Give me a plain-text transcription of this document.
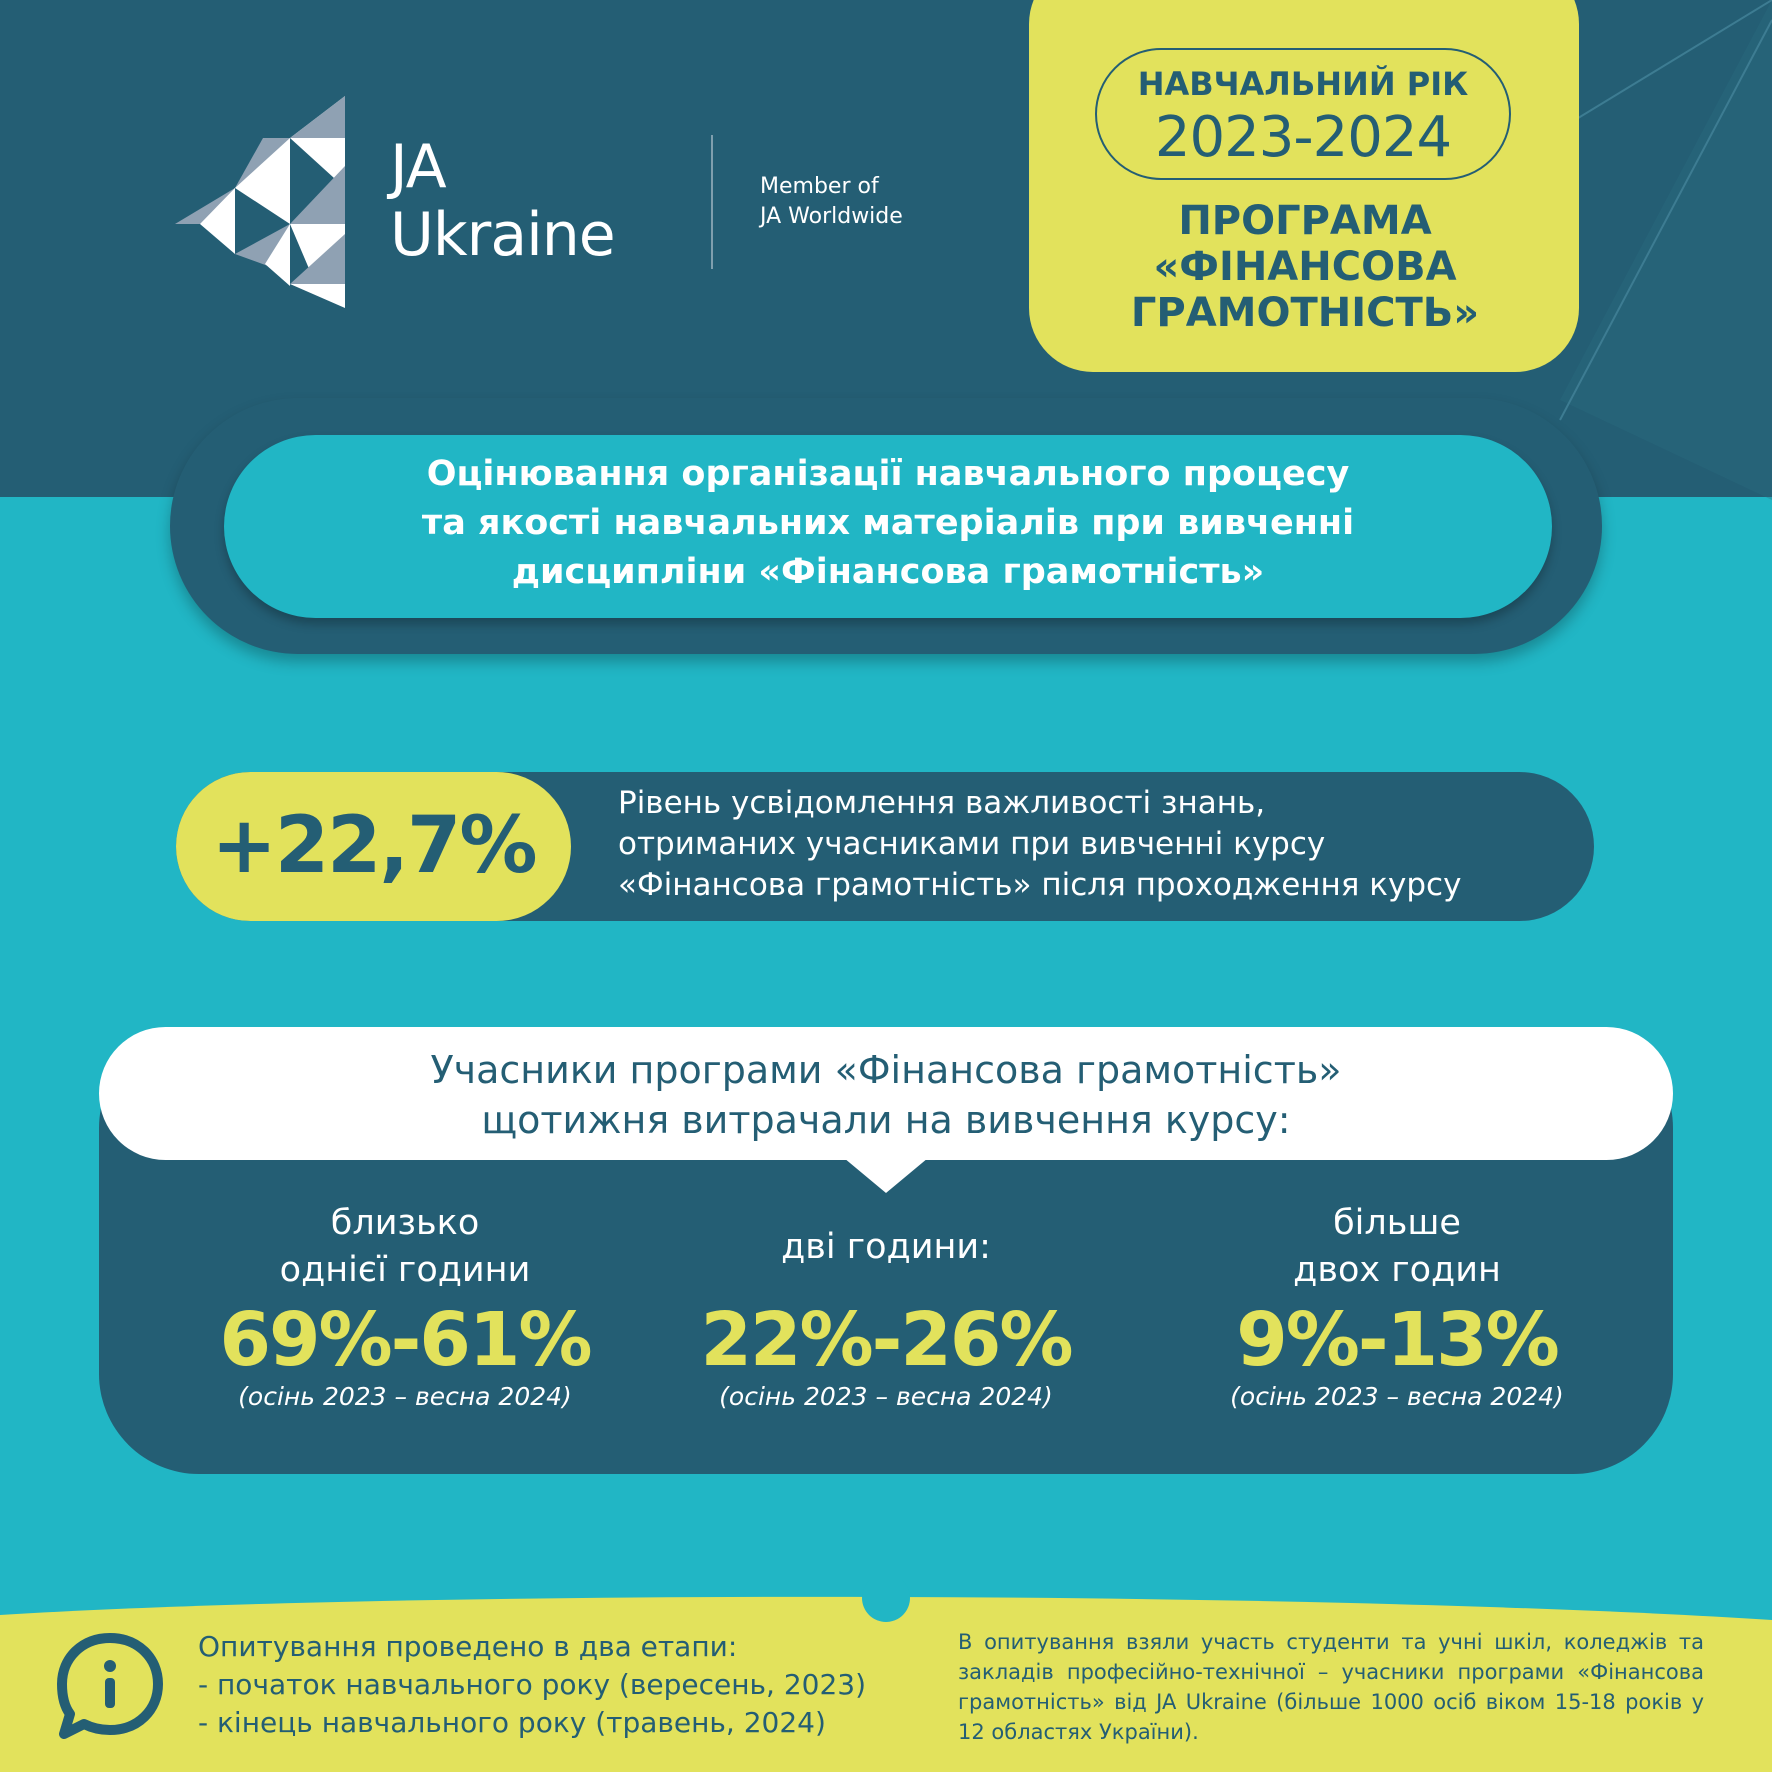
JA
Ukraine
Member of
JA Worldwide
НАВЧАЛЬНИЙ РІК
2023-2024
ПРОГРАМА
«ФІНАНСОВА
ГРАМОТНІСТЬ»
Оцінювання організації навчального процесу
та якості навчальних матеріалів при вивченні
дисципліни «Фінансова грамотність»
+22,7%	Рівень усвідомлення важливості знань,
отриманих учасниками при вивченні курсу
«Фінансова грамотність» після проходження курсу
Учасники програми «Фінансова грамотність»
щотижня витрачали на вивчення курсу:
близько
однієї години
69%-61%
(осінь 2023 – весна 2024)
дві години:
22%-26%
(осінь 2023 – весна 2024)
більше
двох годин
9%-13%
(осінь 2023 – весна 2024)
Опитування проведено в два етапи:
- початок навчального року (вересень, 2023)
- кінець навчального року (травень, 2024)
В опитування взяли участь студенти та учні шкіл, коледжів та закладів професійно-технічної – учасники програми «Фінансова грамотність» від JA Ukraine (більше 1000 осіб віком 15-18 років у 12 областях України).
